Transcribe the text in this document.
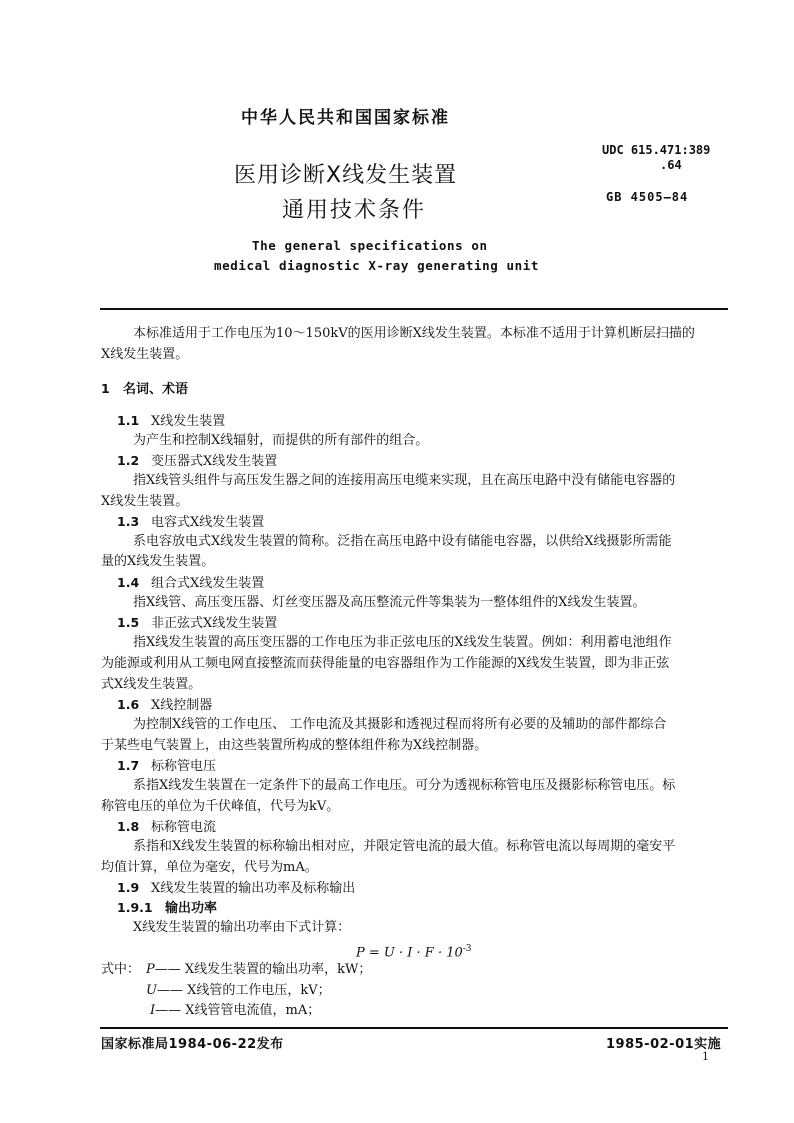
中华人民共和国国家标准
医用诊断X线发生装置
通用技术条件
The general specifications on
medical diagnostic X-ray generating unit
UDC 615.471:389
.64
GB 4505—84
本标准适用于工作电压为10～150kV的医用诊断X线发生装置。本标准不适用于计算机断层扫描的
X线发生装置。
1 名词、术语
1.1 X线发生装置
为产生和控制X线辐射，而提供的所有部件的组合。
1.2 变压器式X线发生装置
指X线管头组件与高压发生器之间的连接用高压电缆来实现，且在高压电路中没有储能电容器的
X线发生装置。
1.3 电容式X线发生装置
系电容放电式X线发生装置的简称。泛指在高压电路中设有储能电容器，以供给X线摄影所需能
量的X线发生装置。
1.4 组合式X线发生装置
指X线管、高压变压器、灯丝变压器及高压整流元件等集装为一整体组件的X线发生装置。
1.5 非正弦式X线发生装置
指X线发生装置的高压变压器的工作电压为非正弦电压的X线发生装置。例如：利用蓄电池组作
为能源或利用从工频电网直接整流而获得能量的电容器组作为工作能源的X线发生装置，即为非正弦
式X线发生装置。
1.6 X线控制器
为控制X线管的工作电压、 工作电流及其摄影和透视过程而将所有必要的及辅助的部件都综合
于某些电气装置上，由这些装置所构成的整体组件称为X线控制器。
1.7 标称管电压
系指X线发生装置在一定条件下的最高工作电压。可分为透视标称管电压及摄影标称管电压。标
称管电压的单位为千伏峰值，代号为kV。
1.8 标称管电流
系指和X线发生装置的标称输出相对应，并限定管电流的最大值。标称管电流以每周期的毫安平
均值计算，单位为毫安，代号为mA。
1.9 X线发生装置的输出功率及标称输出
1.9.1 输出功率
X线发生装置的输出功率由下式计算：
$P = U \cdot I \cdot F \cdot 10^{-3}$
式中： P—— X线发生装置的输出功率，kW；
U—— X线管的工作电压，kV；
I—— X线管管电流值，mA；
国家标准局1984-06-22发布	1985-02-01实施
1
